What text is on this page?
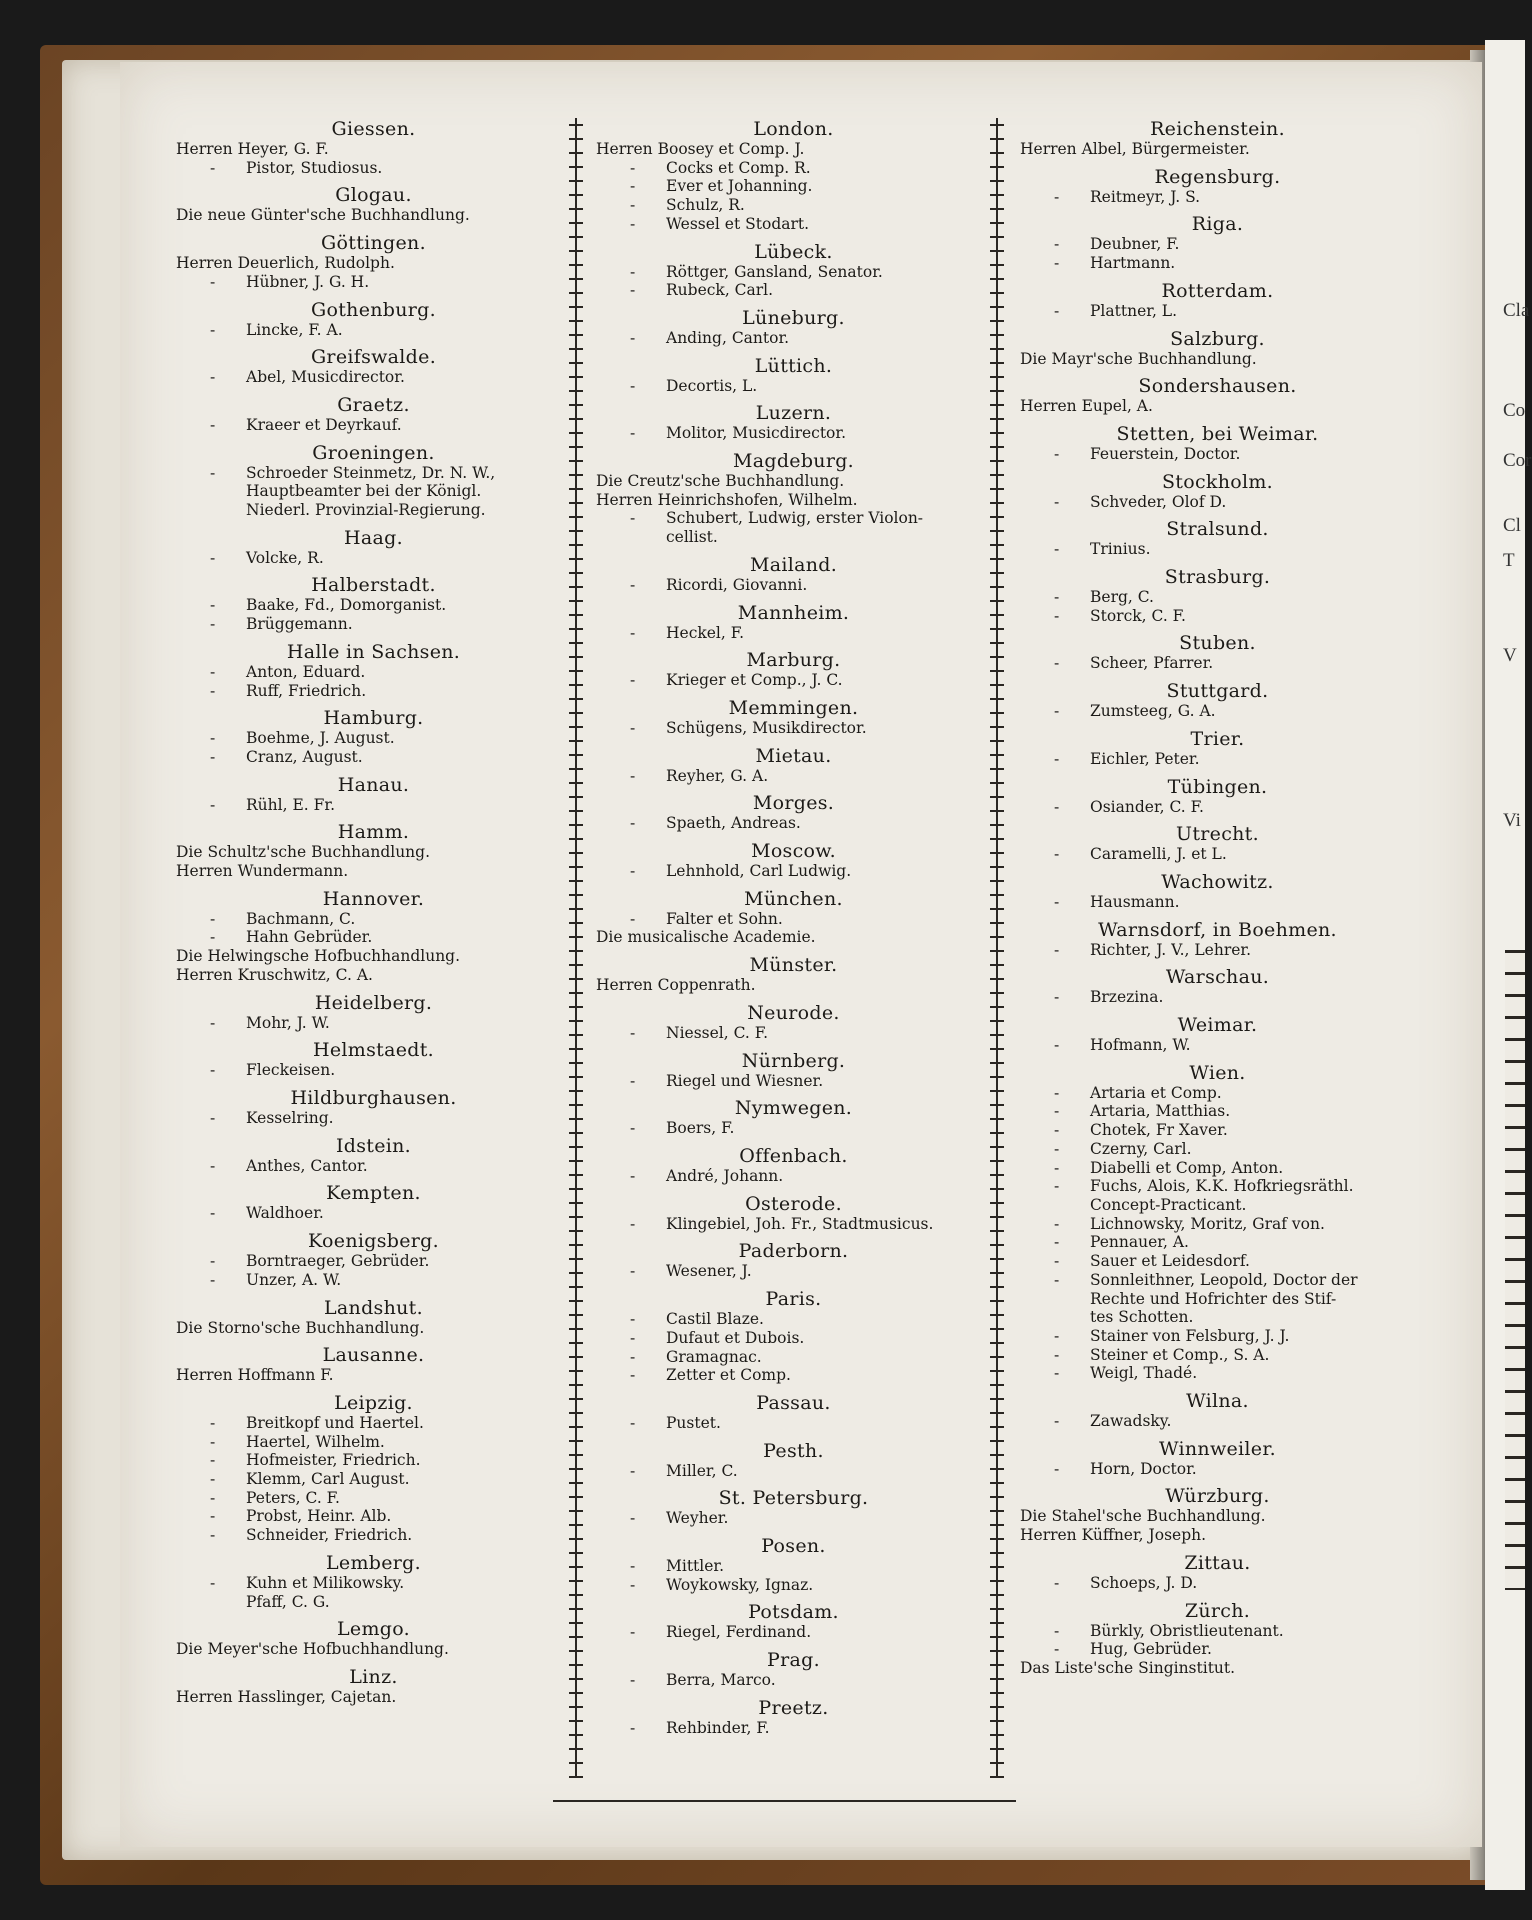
Giessen.
Herren Heyer, G. F.
- Pistor, Studiosus.
Glogau.
Die neue Günter'sche Buchhandlung.
Göttingen.
Herren Deuerlich, Rudolph.
- Hübner, J. G. H.
Gothenburg.
- Lincke, F. A.
Greifswalde.
- Abel, Musicdirector.
Graetz.
- Kraeer et Deyrkauf.
Groeningen.
- Schroeder Steinmetz, Dr. N. W.,
Hauptbeamter bei der Königl.
Niederl. Provinzial-Regierung.
Haag.
- Volcke, R.
Halberstadt.
- Baake, Fd., Domorganist.
- Brüggemann.
Halle in Sachsen.
- Anton, Eduard.
- Ruff, Friedrich.
Hamburg.
- Boehme, J. August.
- Cranz, August.
Hanau.
- Rühl, E. Fr.
Hamm.
Die Schultz'sche Buchhandlung.
Herren Wundermann.
Hannover.
- Bachmann, C.
- Hahn Gebrüder.
Die Helwingsche Hofbuchhandlung.
Herren Kruschwitz, C. A.
Heidelberg.
- Mohr, J. W.
Helmstaedt.
- Fleckeisen.
Hildburghausen.
- Kesselring.
Idstein.
- Anthes, Cantor.
Kempten.
- Waldhoer.
Koenigsberg.
- Borntraeger, Gebrüder.
- Unzer, A. W.
Landshut.
Die Storno'sche Buchhandlung.
Lausanne.
Herren Hoffmann F.
Leipzig.
- Breitkopf und Haertel.
- Haertel, Wilhelm.
- Hofmeister, Friedrich.
- Klemm, Carl August.
- Peters, C. F.
- Probst, Heinr. Alb.
- Schneider, Friedrich.
Lemberg.
- Kuhn et Milikowsky.
Pfaff, C. G.
Lemgo.
Die Meyer'sche Hofbuchhandlung.
Linz.
Herren Hasslinger, Cajetan.
London.
Herren Boosey et Comp. J.
- Cocks et Comp. R.
- Ever et Johanning.
- Schulz, R.
- Wessel et Stodart.
Lübeck.
- Röttger, Gansland, Senator.
- Rubeck, Carl.
Lüneburg.
- Anding, Cantor.
Lüttich.
- Decortis, L.
Luzern.
- Molitor, Musicdirector.
Magdeburg.
Die Creutz'sche Buchhandlung.
Herren Heinrichshofen, Wilhelm.
- Schubert, Ludwig, erster Violon-
cellist.
Mailand.
- Ricordi, Giovanni.
Mannheim.
- Heckel, F.
Marburg.
- Krieger et Comp., J. C.
Memmingen.
- Schügens, Musikdirector.
Mietau.
- Reyher, G. A.
Morges.
- Spaeth, Andreas.
Moscow.
- Lehnhold, Carl Ludwig.
München.
- Falter et Sohn.
Die musicalische Academie.
Münster.
Herren Coppenrath.
Neurode.
- Niessel, C. F.
Nürnberg.
- Riegel und Wiesner.
Nymwegen.
- Boers, F.
Offenbach.
- André, Johann.
Osterode.
- Klingebiel, Joh. Fr., Stadtmusicus.
Paderborn.
- Wesener, J.
Paris.
- Castil Blaze.
- Dufaut et Dubois.
- Gramagnac.
- Zetter et Comp.
Passau.
- Pustet.
Pesth.
- Miller, C.
St. Petersburg.
- Weyher.
Posen.
- Mittler.
- Woykowsky, Ignaz.
Potsdam.
- Riegel, Ferdinand.
Prag.
- Berra, Marco.
Preetz.
- Rehbinder, F.
Reichenstein.
Herren Albel, Bürgermeister.
Regensburg.
- Reitmeyr, J. S.
Riga.
- Deubner, F.
- Hartmann.
Rotterdam.
- Plattner, L.
Salzburg.
Die Mayr'sche Buchhandlung.
Sondershausen.
Herren Eupel, A.
Stetten, bei Weimar.
- Feuerstein, Doctor.
Stockholm.
- Schveder, Olof D.
Stralsund.
- Trinius.
Strasburg.
- Berg, C.
- Storck, C. F.
Stuben.
- Scheer, Pfarrer.
Stuttgard.
- Zumsteeg, G. A.
Trier.
- Eichler, Peter.
Tübingen.
- Osiander, C. F.
Utrecht.
- Caramelli, J. et L.
Wachowitz.
- Hausmann.
Warnsdorf, in Boehmen.
- Richter, J. V., Lehrer.
Warschau.
- Brzezina.
Weimar.
- Hofmann, W.
Wien.
- Artaria et Comp.
- Artaria, Matthias.
- Chotek, Fr Xaver.
- Czerny, Carl.
- Diabelli et Comp, Anton.
- Fuchs, Alois, K.K. Hofkriegsräthl.
Concept-Practicant.
- Lichnowsky, Moritz, Graf von.
- Pennauer, A.
- Sauer et Leidesdorf.
- Sonnleithner, Leopold, Doctor der
Rechte und Hofrichter des Stif-
tes Schotten.
- Stainer von Felsburg, J. J.
- Steiner et Comp., S. A.
- Weigl, Thadé.
Wilna.
- Zawadsky.
Winnweiler.
- Horn, Doctor.
Würzburg.
Die Stahel'sche Buchhandlung.
Herren Küffner, Joseph.
Zittau.
- Schoeps, J. D.
Zürch.
- Bürkly, Obristlieutenant.
- Hug, Gebrüder.
Das Liste'sche Singinstitut.
Cla
Co
Cor
Cl
T
V
Vi
